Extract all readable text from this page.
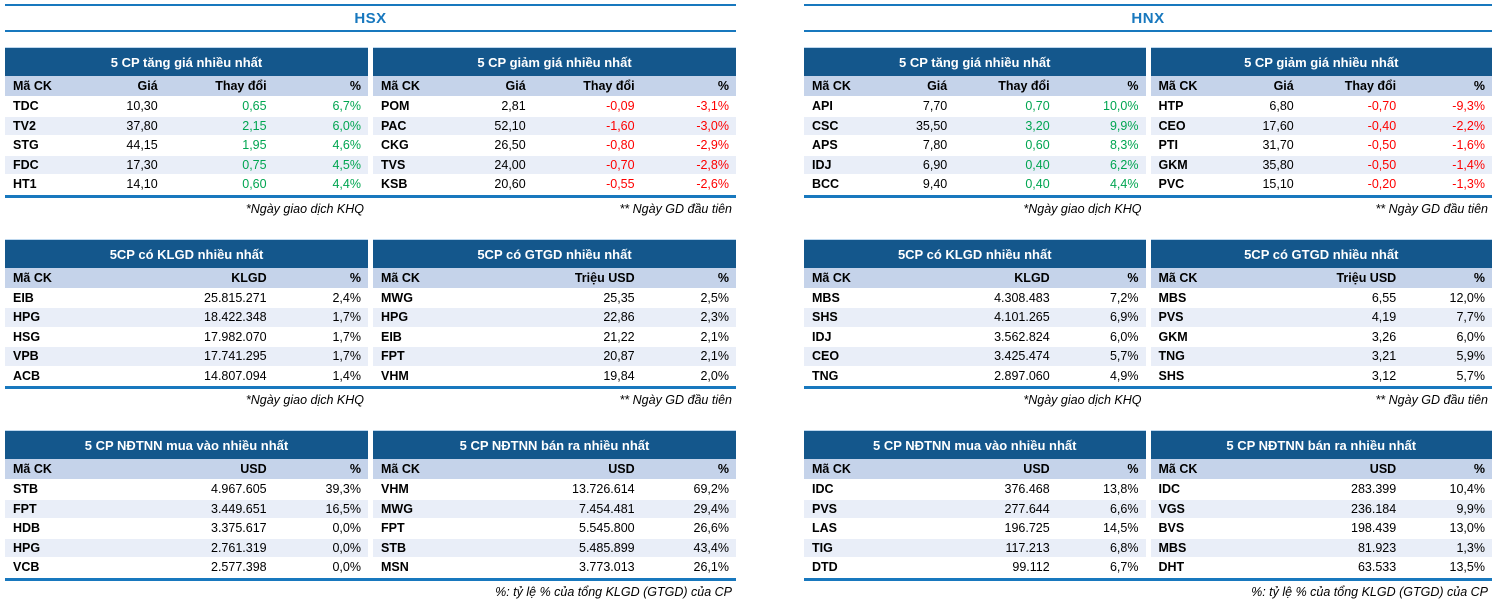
HSX
5 CP tăng giá nhiều nhất
Mã CK	Giá	Thay đổi	%
TDC	10,30	0,65	6,7%
TV2	37,80	2,15	6,0%
STG	44,15	1,95	4,6%
FDC	17,30	0,75	4,5%
HT1	14,10	0,60	4,4%
5 CP giảm giá nhiều nhất
Mã CK	Giá	Thay đổi	%
POM	2,81	-0,09	-3,1%
PAC	52,10	-1,60	-3,0%
CKG	26,50	-0,80	-2,9%
TVS	24,00	-0,70	-2,8%
KSB	20,60	-0,55	-2,6%
*Ngày giao dịch KHQ	** Ngày GD đầu tiên
5CP có KLGD nhiều nhất
Mã CK	KLGD	%
EIB	25.815.271	2,4%
HPG	18.422.348	1,7%
HSG	17.982.070	1,7%
VPB	17.741.295	1,7%
ACB	14.807.094	1,4%
5CP có GTGD nhiều nhất
Mã CK	Triệu USD	%
MWG	25,35	2,5%
HPG	22,86	2,3%
EIB	21,22	2,1%
FPT	20,87	2,1%
VHM	19,84	2,0%
*Ngày giao dịch KHQ	** Ngày GD đầu tiên
5 CP NĐTNN mua vào nhiều nhất
Mã CK	USD	%
STB	4.967.605	39,3%
FPT	3.449.651	16,5%
HDB	3.375.617	0,0%
HPG	2.761.319	0,0%
VCB	2.577.398	0,0%
5 CP NĐTNN bán ra nhiều nhất
Mã CK	USD	%
VHM	13.726.614	69,2%
MWG	7.454.481	29,4%
FPT	5.545.800	26,6%
STB	5.485.899	43,4%
MSN	3.773.013	26,1%
%: tỷ lệ % của tổng KLGD (GTGD) của CP
HNX
5 CP tăng giá nhiều nhất
Mã CK	Giá	Thay đổi	%
API	7,70	0,70	10,0%
CSC	35,50	3,20	9,9%
APS	7,80	0,60	8,3%
IDJ	6,90	0,40	6,2%
BCC	9,40	0,40	4,4%
5 CP giảm giá nhiều nhất
Mã CK	Giá	Thay đổi	%
HTP	6,80	-0,70	-9,3%
CEO	17,60	-0,40	-2,2%
PTI	31,70	-0,50	-1,6%
GKM	35,80	-0,50	-1,4%
PVC	15,10	-0,20	-1,3%
*Ngày giao dịch KHQ	** Ngày GD đầu tiên
5CP có KLGD nhiều nhất
Mã CK	KLGD	%
MBS	4.308.483	7,2%
SHS	4.101.265	6,9%
IDJ	3.562.824	6,0%
CEO	3.425.474	5,7%
TNG	2.897.060	4,9%
5CP có GTGD nhiều nhất
Mã CK	Triệu USD	%
MBS	6,55	12,0%
PVS	4,19	7,7%
GKM	3,26	6,0%
TNG	3,21	5,9%
SHS	3,12	5,7%
*Ngày giao dịch KHQ	** Ngày GD đầu tiên
5 CP NĐTNN mua vào nhiều nhất
Mã CK	USD	%
IDC	376.468	13,8%
PVS	277.644	6,6%
LAS	196.725	14,5%
TIG	117.213	6,8%
DTD	99.112	6,7%
5 CP NĐTNN bán ra nhiều nhất
Mã CK	USD	%
IDC	283.399	10,4%
VGS	236.184	9,9%
BVS	198.439	13,0%
MBS	81.923	1,3%
DHT	63.533	13,5%
%: tỷ lệ % của tổng KLGD (GTGD) của CP
